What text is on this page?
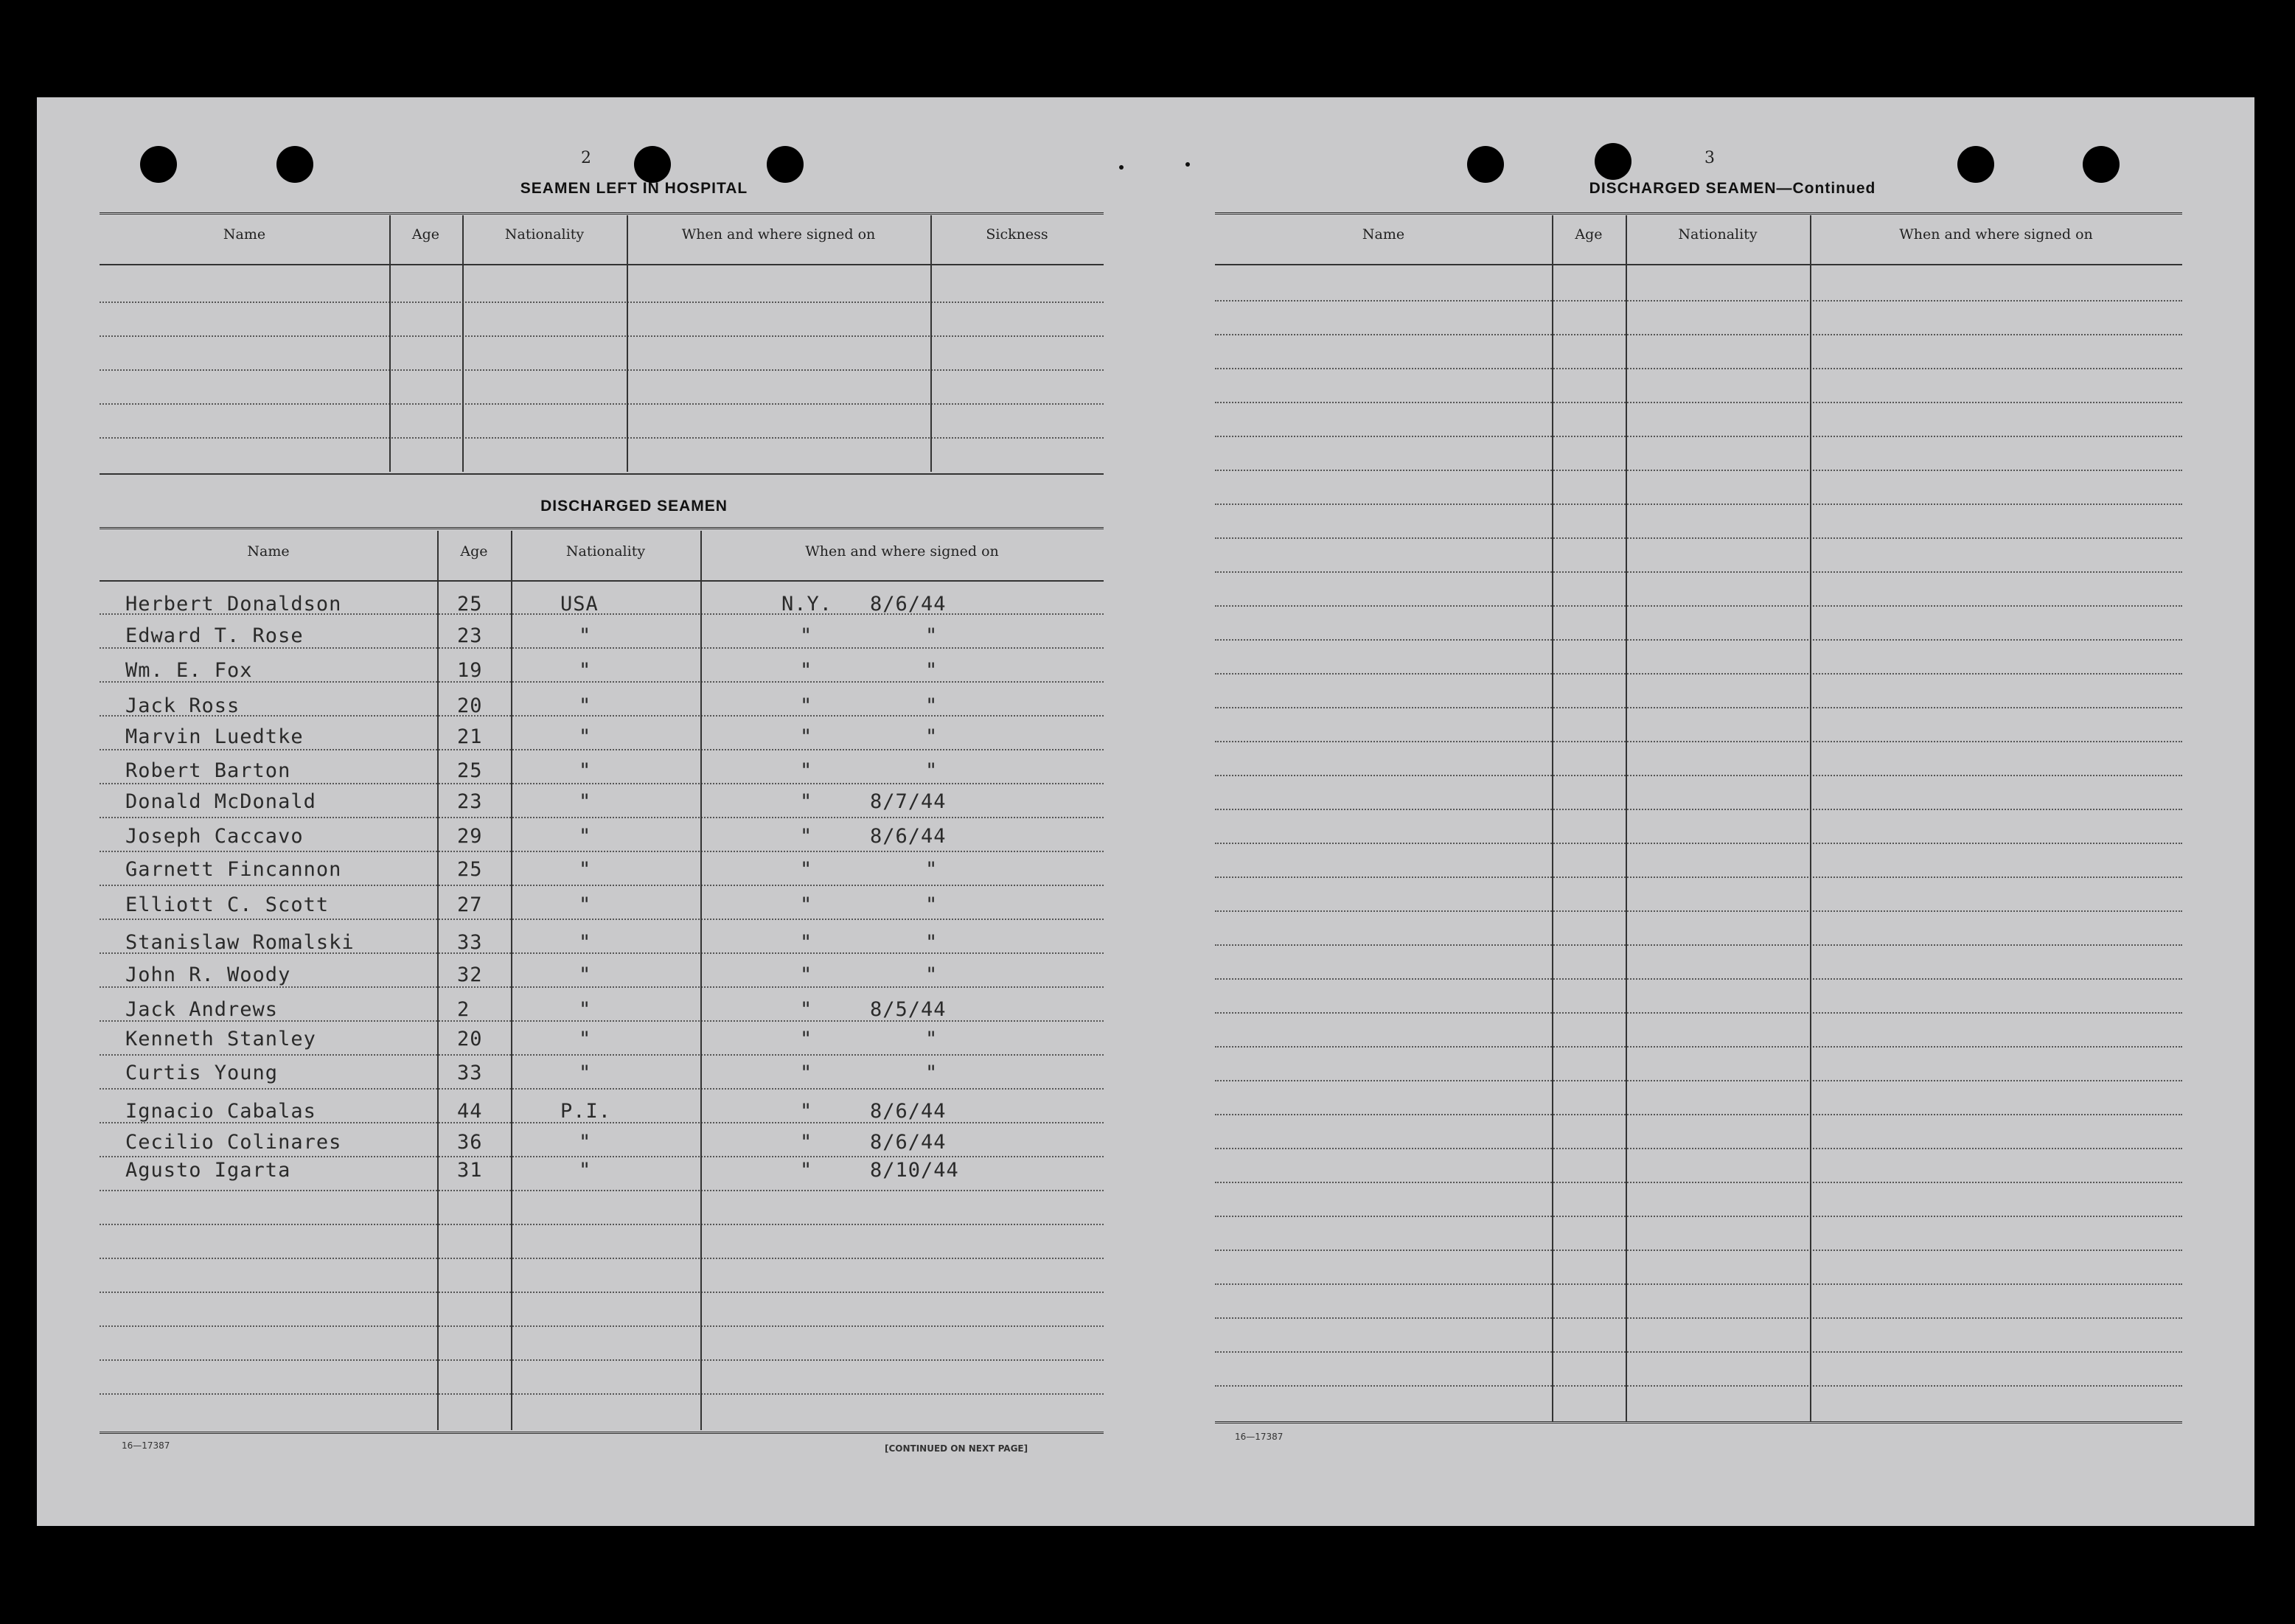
2
SEAMEN LEFT IN HOSPITAL
Name	Age	Nationality	When and where signed on	Sickness
DISCHARGED SEAMEN
Name	Age	Nationality	When and where signed on
Herbert Donaldson	25	USA	N.Y. 8/6/44
Edward T. Rose	23	"	"	"
Wm. E. Fox	19	"	"	"
Jack Ross	20	"	"	"
Marvin Luedtke	21	"	"	"
Robert Barton	25	"	"	"
Donald McDonald	23	"	"	8/7/44
Joseph Caccavo	29	"	"	8/6/44
Garnett Fincannon	25	"	"	"
Elliott C. Scott	27	"	"	"
Stanislaw Romalski	33	"	"	"
John R. Woody	32	"	"	"
Jack Andrews	2	"	"	8/5/44
Kenneth Stanley	20	"	"	"
Curtis Young	33	"	"	"
Ignacio Cabalas	44	P.I.	"	8/6/44
Cecilio Colinares	36	"	"	8/6/44
Agusto Igarta	31	"	"	8/10/44
16—17387	[CONTINUED ON NEXT PAGE]
3
DISCHARGED SEAMEN—Continued
Name	Age	Nationality	When and where signed on
16—17387
